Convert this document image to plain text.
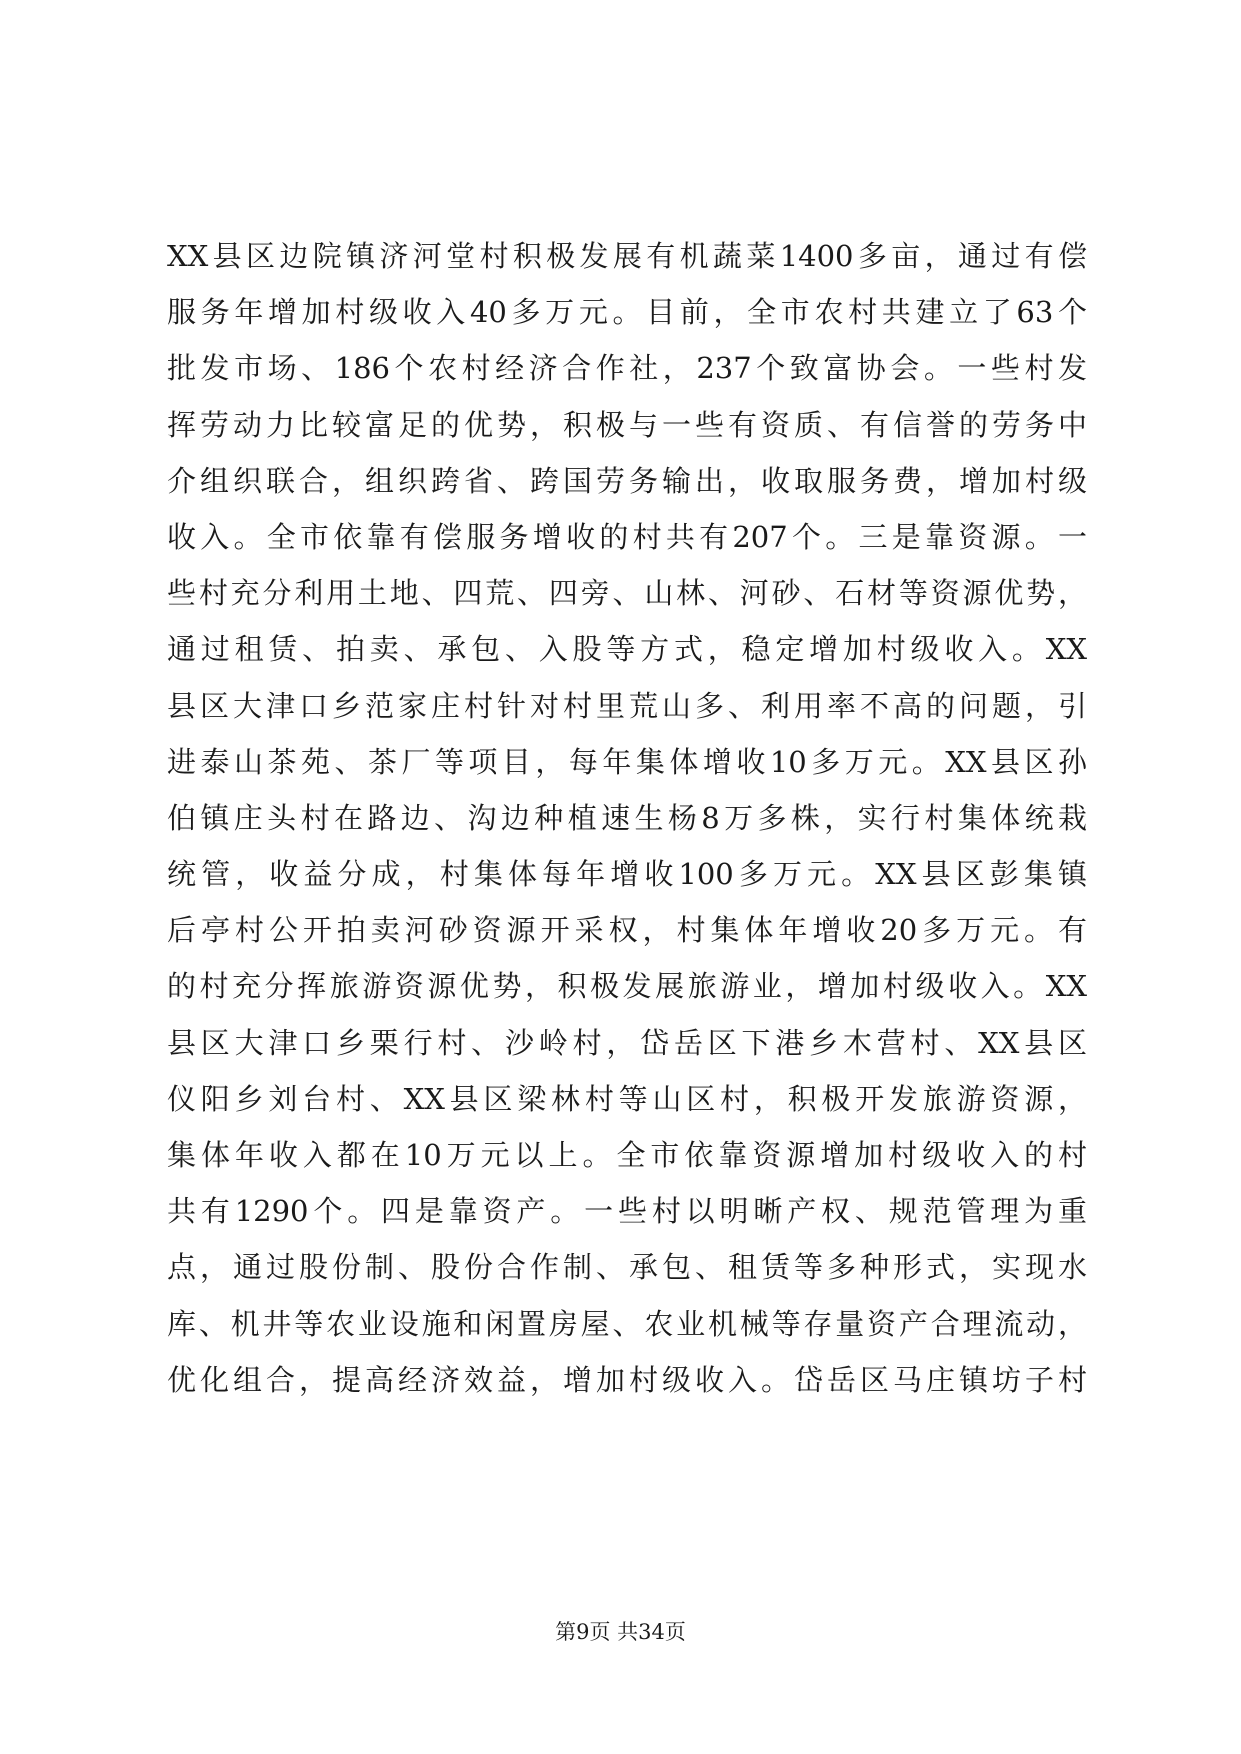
XX县区边院镇济河堂村积极发展有机蔬菜1400多亩，通过有偿
服务年增加村级收入40多万元。目前，全市农村共建立了63个
批发市场、186个农村经济合作社，237个致富协会。一些村发
挥劳动力比较富足的优势，积极与一些有资质、有信誉的劳务中
介组织联合，组织跨省、跨国劳务输出，收取服务费，增加村级
收入。全市依靠有偿服务增收的村共有207个。三是靠资源。一
些村充分利用土地、四荒、四旁、山林、河砂、石材等资源优势，
通过租赁、拍卖、承包、入股等方式，稳定增加村级收入。XX
县区大津口乡范家庄村针对村里荒山多、利用率不高的问题，引
进泰山茶苑、茶厂等项目，每年集体增收10多万元。XX县区孙
伯镇庄头村在路边、沟边种植速生杨8万多株，实行村集体统栽
统管，收益分成，村集体每年增收100多万元。XX县区彭集镇
后亭村公开拍卖河砂资源开采权，村集体年增收20多万元。有
的村充分挥旅游资源优势，积极发展旅游业，增加村级收入。XX
县区大津口乡栗行村、沙岭村，岱岳区下港乡木营村、XX县区
仪阳乡刘台村、XX县区梁林村等山区村，积极开发旅游资源，
集体年收入都在10万元以上。全市依靠资源增加村级收入的村
共有1290个。四是靠资产。一些村以明晰产权、规范管理为重
点，通过股份制、股份合作制、承包、租赁等多种形式，实现水
库、机井等农业设施和闲置房屋、农业机械等存量资产合理流动，
优化组合，提高经济效益，增加村级收入。岱岳区马庄镇坊子村
第9页 共34页
